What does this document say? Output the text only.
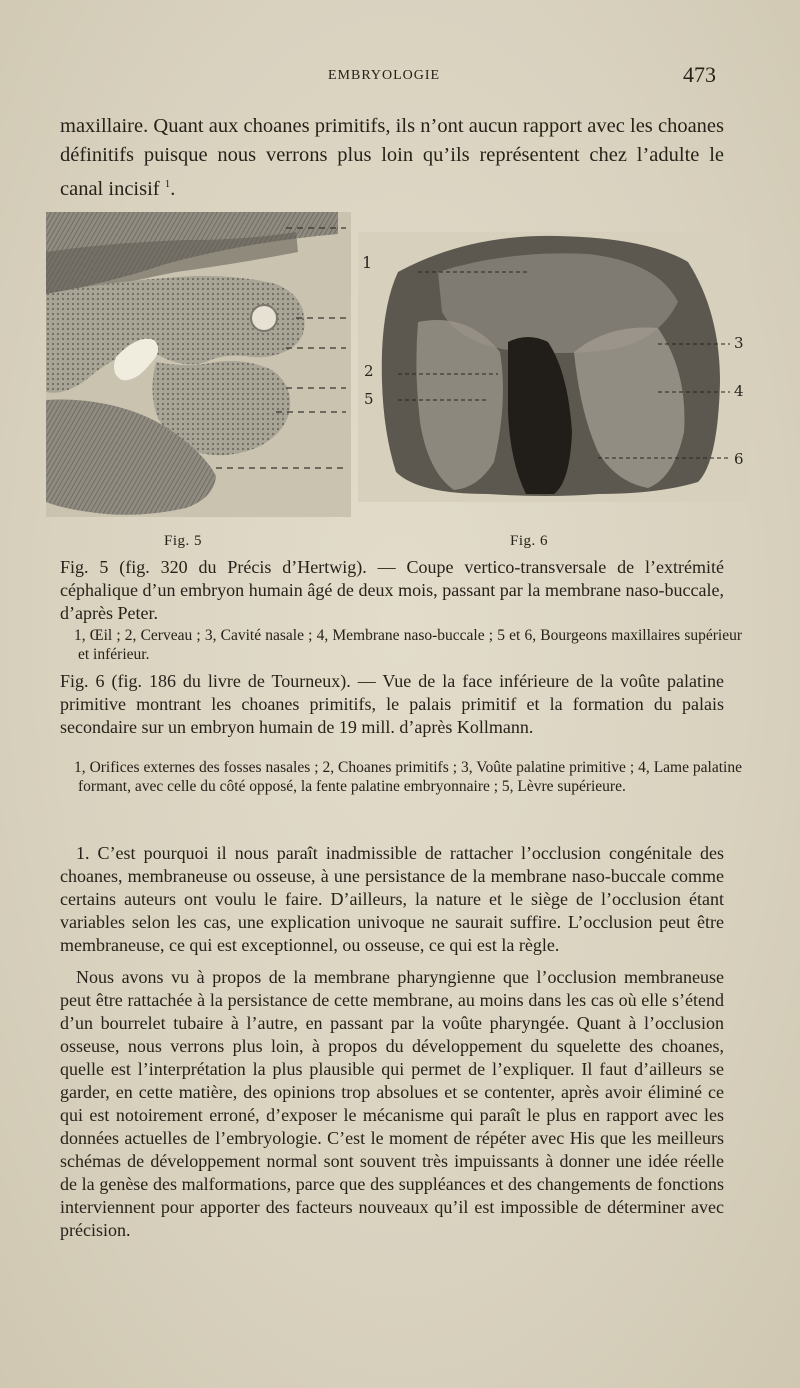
EMBRYOLOGIE	473
maxillaire. Quant aux choanes primitifs, ils n’ont aucun rapport avec les choanes définitifs puisque nous verrons plus loin qu’ils représentent chez l’adulte le canal incisif $^1$.
1
2
3
4
5
6
Fig. 5	Fig. 6
Fig. 5 (fig. 320 du Précis d’Hertwig). — Coupe vertico-transversale de l’extrémité céphalique d’un embryon humain âgé de deux mois, passant par la membrane naso-buccale, d’après Peter.
1, Œil ; 2, Cerveau ; 3, Cavité nasale ; 4, Membrane naso-buccale ; 5 et 6, Bourgeons maxillaires supérieur et inférieur.
Fig. 6 (fig. 186 du livre de Tourneux). — Vue de la face inférieure de la voûte palatine primitive montrant les choanes primitifs, le palais primitif et la formation du palais secondaire sur un embryon humain de 19 mill. d’après Kollmann.
1, Orifices externes des fosses nasales ; 2, Choanes primitifs ; 3, Voûte palatine primitive ; 4, Lame palatine formant, avec celle du côté opposé, la fente palatine embryonnaire ; 5, Lèvre supérieure.
1. C’est pourquoi il nous paraît inadmissible de rattacher l’occlusion congénitale des choanes, membraneuse ou osseuse, à une persistance de la membrane naso-buccale comme certains auteurs ont voulu le faire. D’ailleurs, la nature et le siège de l’occlusion étant variables selon les cas, une explication univoque ne saurait suffire. L’occlusion peut être membraneuse, ce qui est exceptionnel, ou osseuse, ce qui est la règle.
Nous avons vu à propos de la membrane pharyngienne que l’occlusion membraneuse peut être rattachée à la persistance de cette membrane, au moins dans les cas où elle s’étend d’un bourrelet tubaire à l’autre, en passant par la voûte pharyngée. Quant à l’occlusion osseuse, nous verrons plus loin, à propos du développement du squelette des choanes, quelle est l’interprétation la plus plausible qui permet de l’expliquer. Il faut d’ailleurs se garder, en cette matière, des opinions trop absolues et se contenter, après avoir éliminé ce qui est notoirement erroné, d’exposer le mécanisme qui paraît le plus en rapport avec les données actuelles de l’embryologie. C’est le moment de répéter avec His que les meilleurs schémas de développement normal sont souvent très impuissants à donner une idée réelle de la genèse des malformations, parce que des suppléances et des changements de fonctions interviennent pour apporter des facteurs nouveaux qu’il est impossible de déterminer avec précision.
